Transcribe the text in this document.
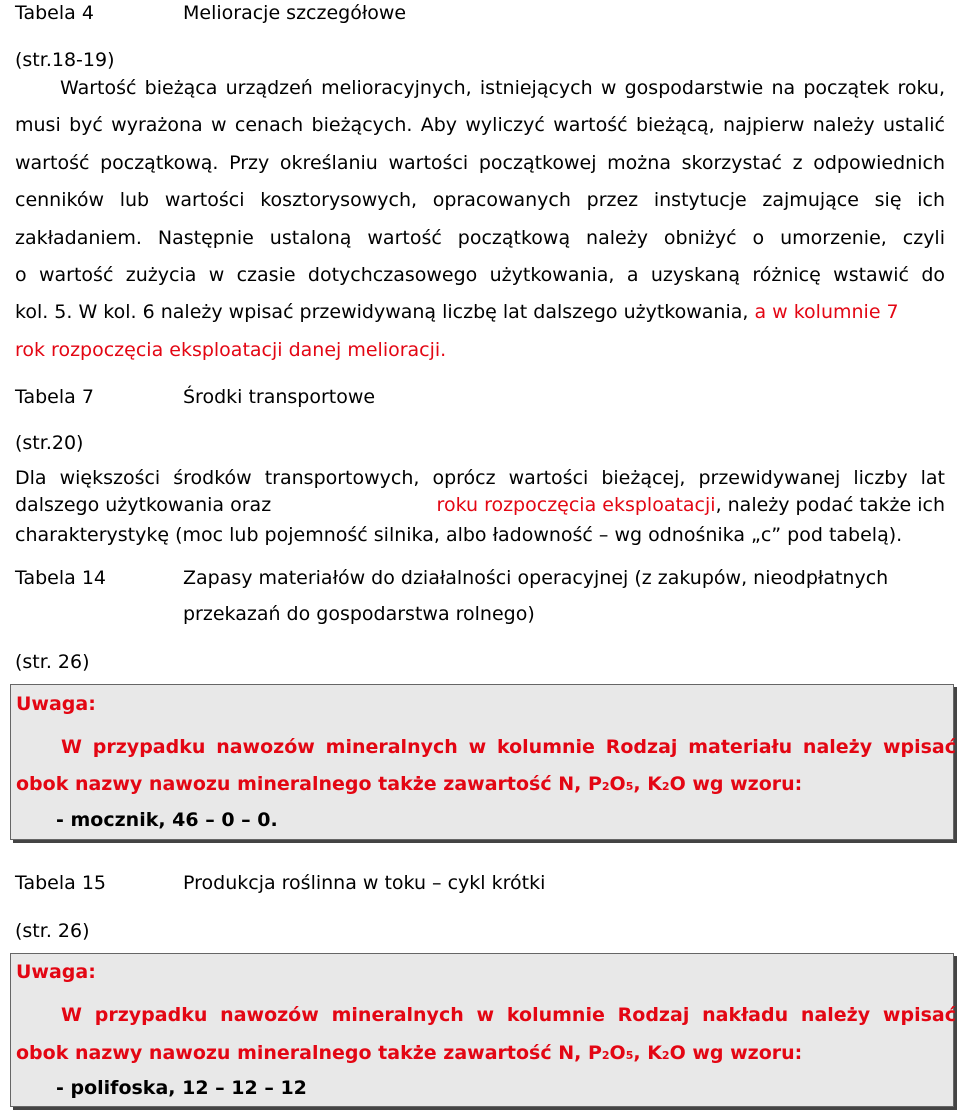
Tabela 4	Melioracje szczegółowe
(str.18-19)
Wartość bieżąca urządzeń melioracyjnych, istniejących w gospodarstwie na początek roku,
musi być wyrażona w cenach bieżących. Aby wyliczyć wartość bieżącą, najpierw należy ustalić
wartość początkową. Przy określaniu wartości początkowej można skorzystać z odpowiednich
cenników lub wartości kosztorysowych, opracowanych przez instytucje zajmujące się ich
zakładaniem. Następnie ustaloną wartość początkową należy obniżyć o umorzenie, czyli
o wartość zużycia w czasie dotychczasowego użytkowania, a uzyskaną różnicę wstawić do
kol. 5. W kol. 6 należy wpisać przewidywaną liczbę lat dalszego użytkowania, a w kolumnie 7
rok rozpoczęcia eksploatacji danej melioracji.
Tabela 7	Środki transportowe
(str.20)
Dla większości środków transportowych, oprócz wartości bieżącej, przewidywanej liczby lat
dalszego użytkowania oraz	roku rozpoczęcia eksploatacji, należy podać także ich
charakterystykę (moc lub pojemność silnika, albo ładowność – wg odnośnika „c” pod tabelą).
Tabela 14	Zapasy materiałów do działalności operacyjnej (z zakupów, nieodpłatnych
przekazań do gospodarstwa rolnego)
(str. 26)
Uwaga:
W przypadku nawozów mineralnych w kolumnie Rodzaj materiału należy wpisać
obok nazwy nawozu mineralnego także zawartość N, P2O5, K2O wg wzoru:
- mocznik, 46 – 0 – 0.
Tabela 15	Produkcja roślinna w toku – cykl krótki
(str. 26)
Uwaga:
W przypadku nawozów mineralnych w kolumnie Rodzaj nakładu należy wpisać
obok nazwy nawozu mineralnego także zawartość N, P2O5, K2O wg wzoru:
- polifoska, 12 – 12 – 12
